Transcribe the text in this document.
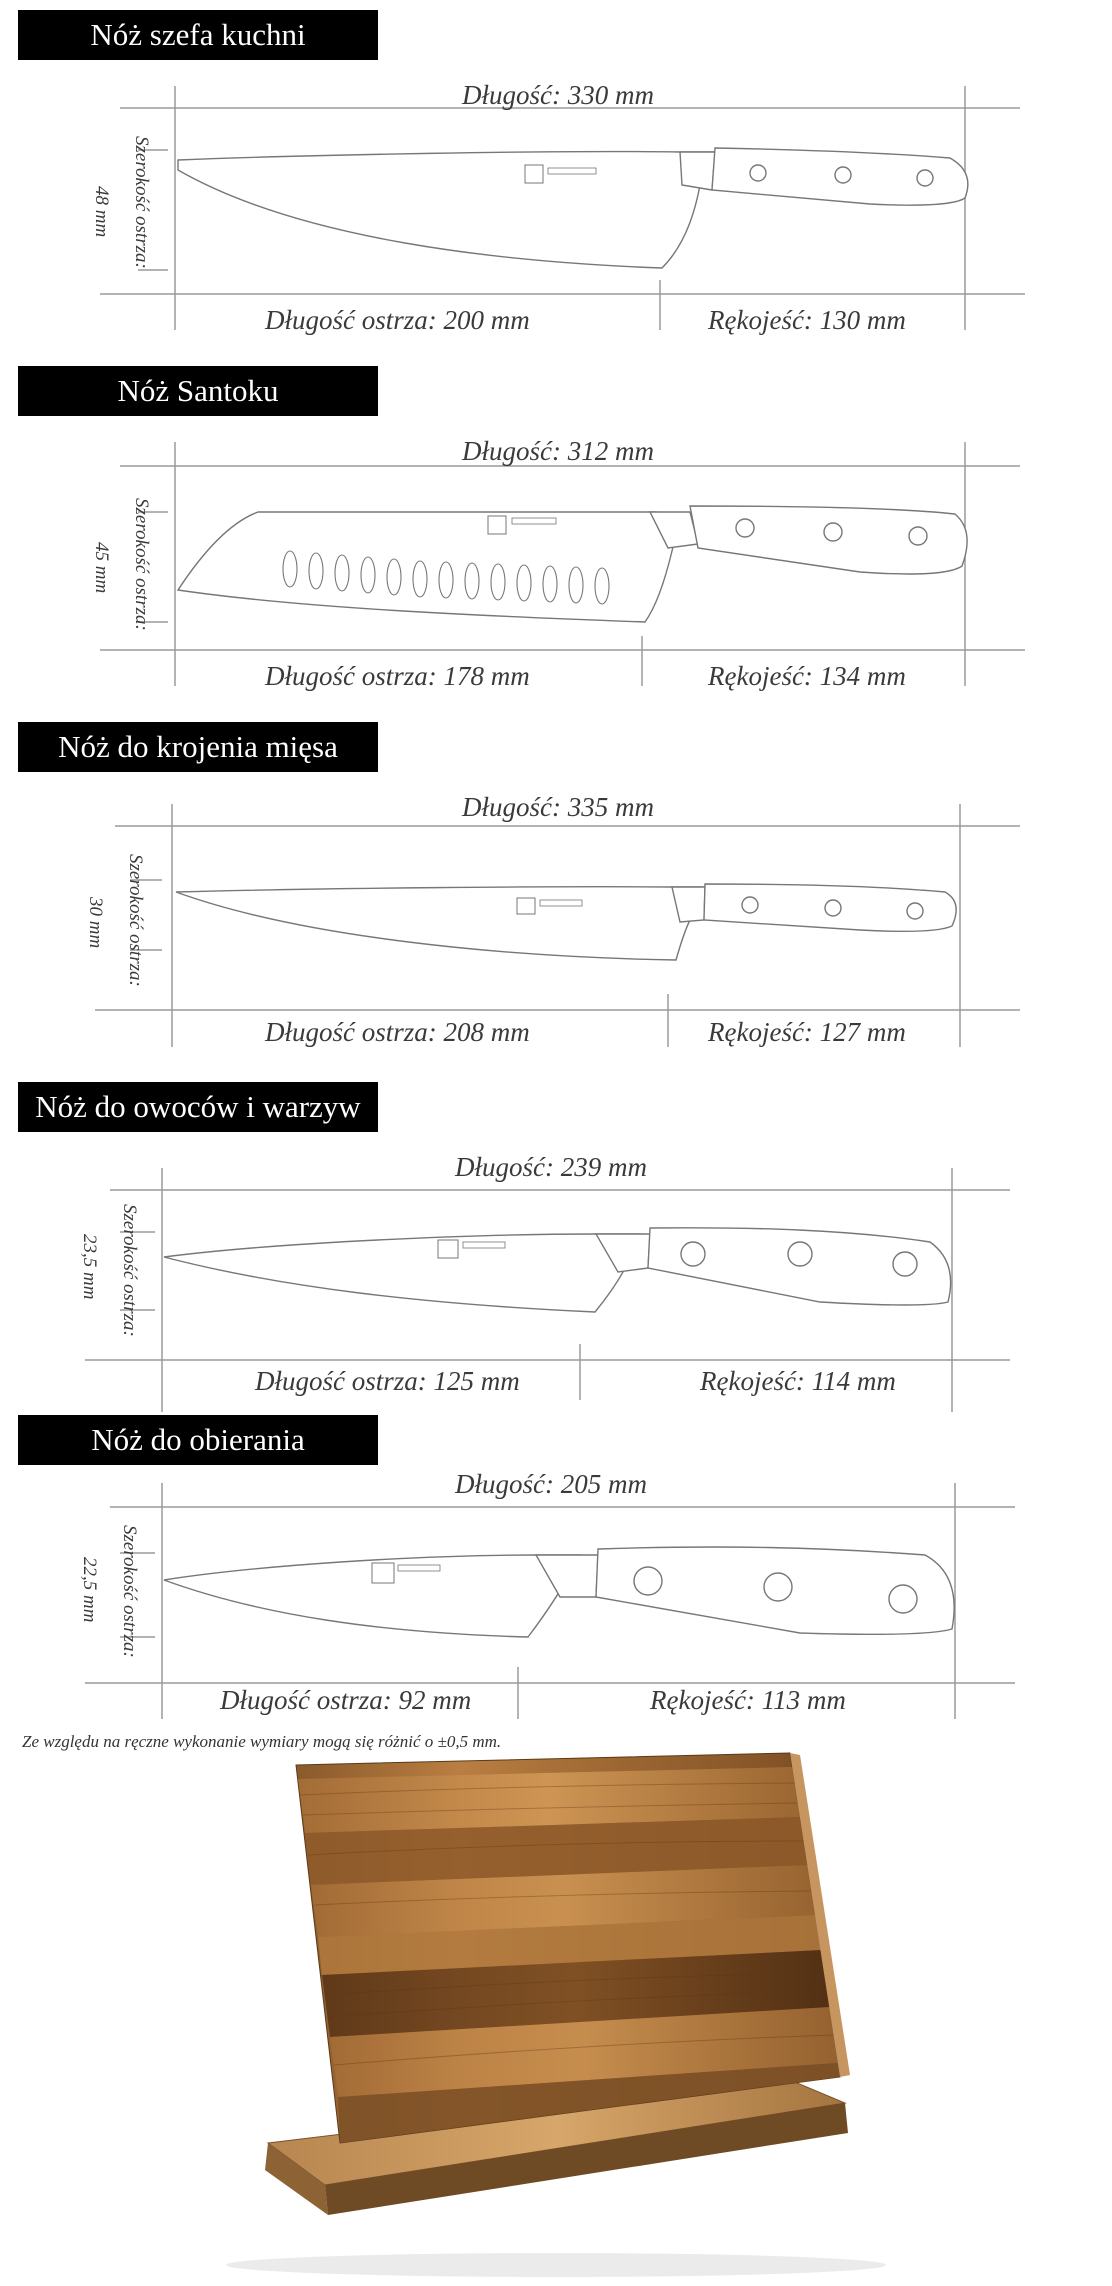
Nóż szefa kuchni
Długość: 330 mm
Szerokość ostrza:
48 mm
Długość ostrza: 200 mm	Rękojeść: 130 mm
Nóż Santoku
Długość: 312 mm
Szerokość ostrza:
45 mm
Długość ostrza: 178 mm	Rękojeść: 134 mm
Nóż do krojenia mięsa
Długość: 335 mm
Szerokość ostrza:
30 mm
Długość ostrza: 208 mm	Rękojeść: 127 mm
Nóż do owoców i warzyw
Długość: 239 mm
Szerokość ostrza:
23,5 mm
Długość ostrza: 125 mm	Rękojeść: 114 mm
Nóż do obierania
Długość: 205 mm
Szerokość ostrza:
22,5 mm
Długość ostrza: 92 mm	Rękojeść: 113 mm
Ze względu na ręczne wykonanie wymiary mogą się różnić o ±0,5 mm.
